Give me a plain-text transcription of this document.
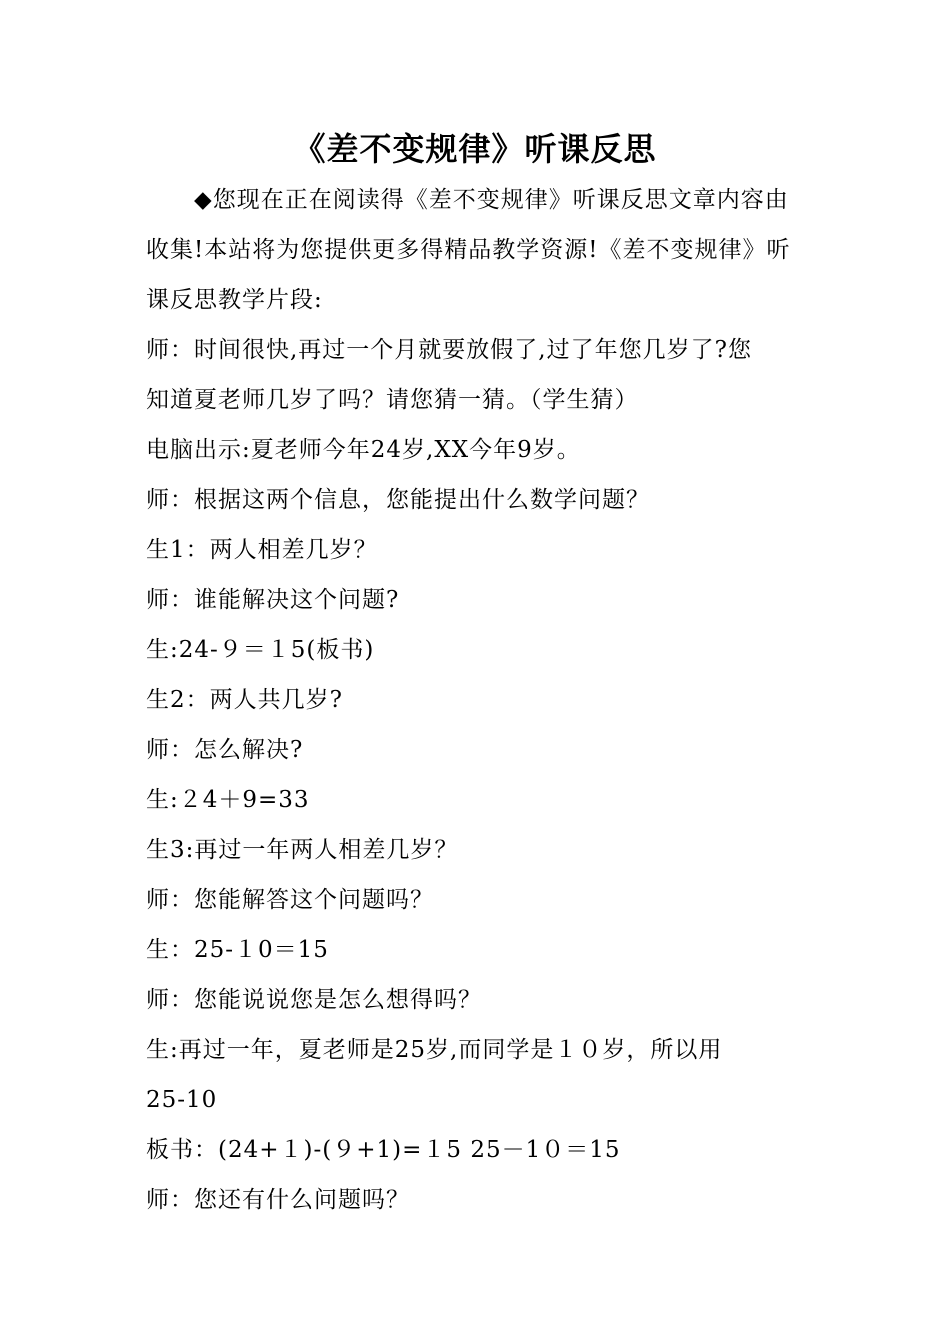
《差不变规律》听课反思

◆您现在正在阅读得《差不变规律》听课反思文章内容由收集!本站将为您提供更多得精品教学资源!《差不变规律》听课反思教学片段:

师：时间很快,再过一个月就要放假了,过了年您几岁了?您

知道夏老师几岁了吗？请您猜一猜。（学生猜）

电脑出示:夏老师今年24岁,XX今年9岁。

师：根据这两个信息，您能提出什么数学问题？

生1：两人相差几岁？

师：谁能解决这个问题?

生:24-９＝１5(板书)

生2：两人共几岁?

师：怎么解决?

生:２4＋9=33

生3:再过一年两人相差几岁？

师：您能解答这个问题吗？

生：25-１0＝15

师：您能说说您是怎么想得吗？

生:再过一年，夏老师是25岁,而同学是１０岁，所以用

25-10

板书：(24+１)-(９+1)=１5 25－1０＝15

师：您还有什么问题吗？
